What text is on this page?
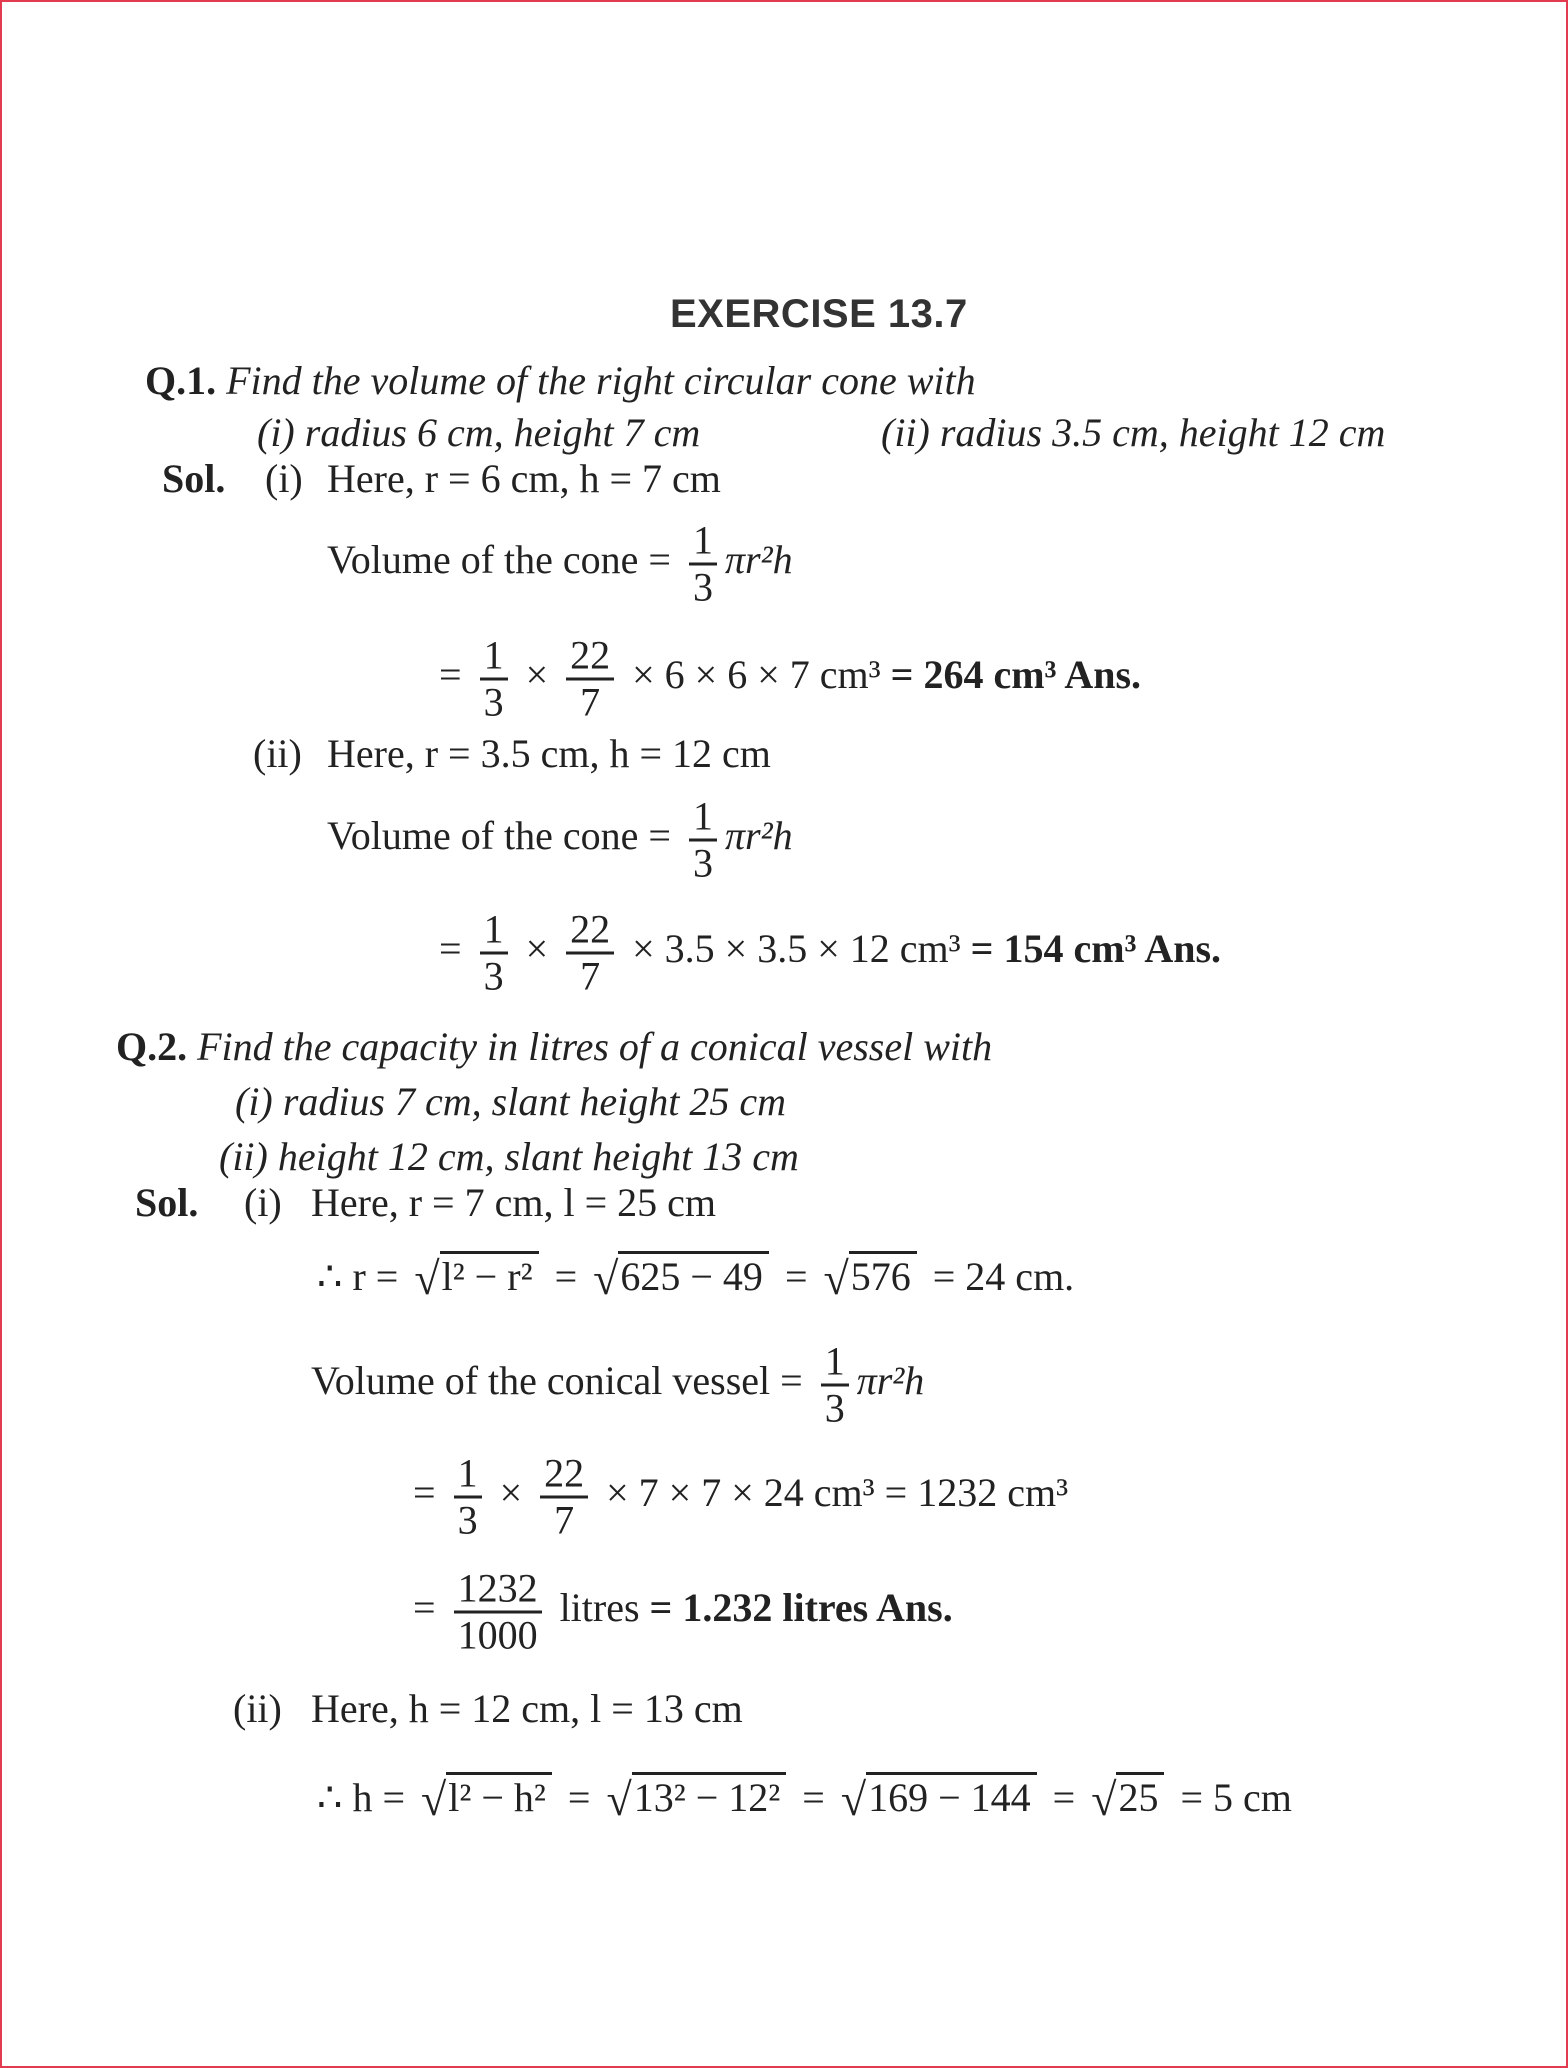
EXERCISE 13.7
Q.1. Find the volume of the right circular cone with
(i) radius 6 cm, height 7 cm	(ii) radius 3.5 cm, height 12 cm
Sol. (i) Here, r = 6 cm, h = 7 cm
Volume of the cone = $\frac{1}{3} \pi r^2h$
= $\frac{1}{3} \times \frac{22}{7} \times 6 \times 6 \times 7$ cm³ = 264 cm³ Ans.
(ii) Here, r = 3.5 cm, h = 12 cm
Volume of the cone = $\frac{1}{3} \pi r^2h$
= $\frac{1}{3} \times \frac{22}{7} \times 3.5 \times 3.5 \times 12$ cm³ = 154 cm³ Ans.
Q.2. Find the capacity in litres of a conical vessel with
(i) radius 7 cm, slant height 25 cm
(ii) height 12 cm, slant height 13 cm
Sol. (i) Here, r = 7 cm, l = 25 cm
∴ r = √l² − r² = √625 − 49 = √576 = 24 cm.
Volume of the conical vessel = $\frac{1}{3} \pi r^2h$
= $\frac{1}{3} \times \frac{22}{7} \times 7 \times 7 \times 24$ cm³ = 1232 cm³
= $\frac{1232}{1000}$ litres = 1.232 litres Ans.
(ii) Here, h = 12 cm, l = 13 cm
∴ h = √l² − h² = √13² − 12² = √169 − 144 = √25 = 5 cm
